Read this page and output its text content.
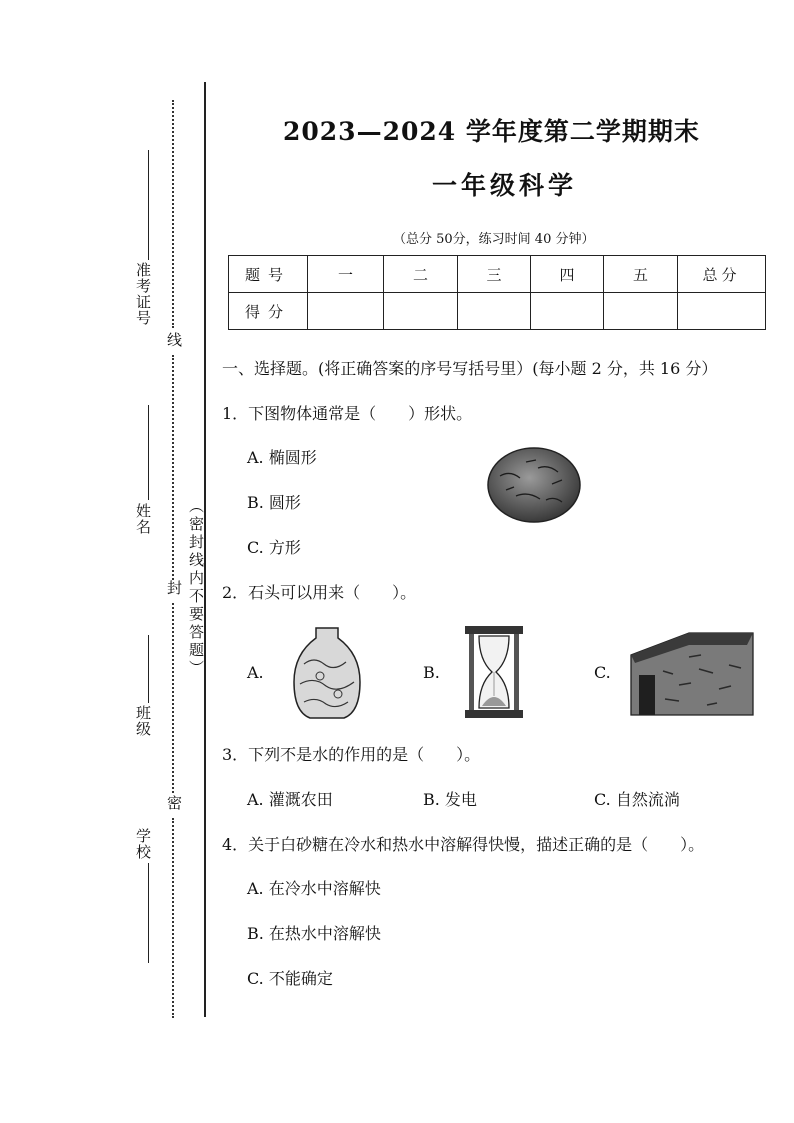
准考证号
姓名
班级
学校
线
封
密
（密封线内不要答题）
2023—2024 学年度第二学期期末
一年级科学
（总分 50分，练习时间 40 分钟）
题号	一	二	三	四	五	总分
得分						
一、选择题。(将正确答案的序号写括号里）(每小题 2 分，共 16 分）
1．下图物体通常是（　　）形状。
A. 椭圆形
B. 圆形
C. 方形
2．石头可以用来（　　）。
A.	B.	C.
3．下列不是水的作用的是（　　）。
A. 灌溉农田	B. 发电	C. 自然流淌
4．关于白砂糖在冷水和热水中溶解得快慢，描述正确的是（　　）。
A. 在冷水中溶解快
B. 在热水中溶解快
C. 不能确定
